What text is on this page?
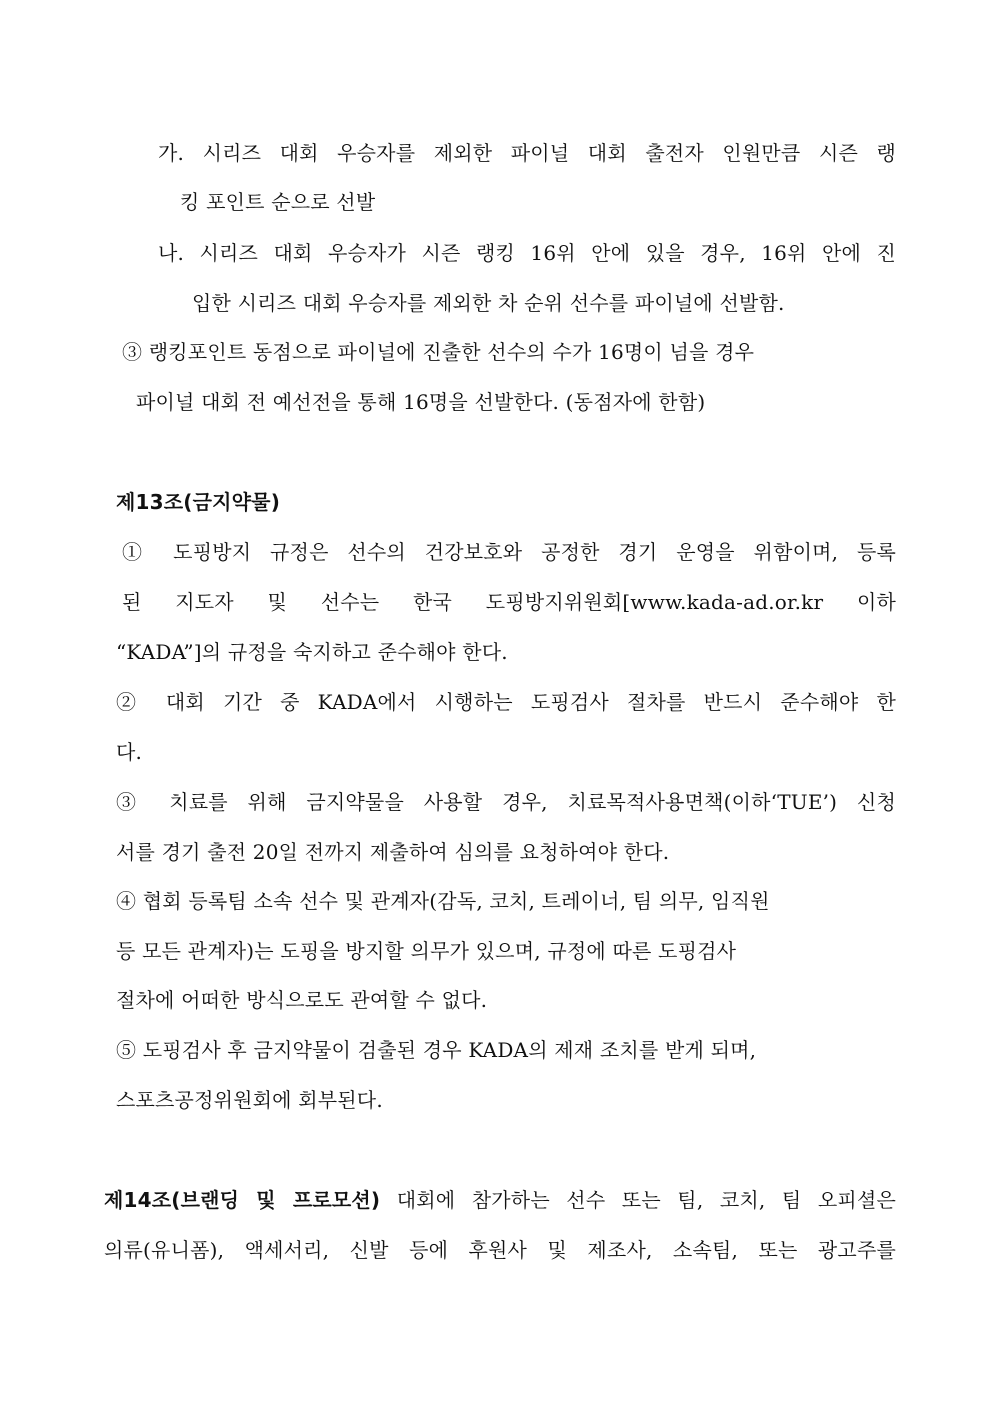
가. 시리즈 대회 우승자를 제외한 파이널 대회 출전자 인원만큼 시즌 랭
킹 포인트 순으로 선발
나. 시리즈 대회 우승자가 시즌 랭킹 16위 안에 있을 경우, 16위 안에 진
입한 시리즈 대회 우승자를 제외한 차 순위 선수를 파이널에 선발함.
③ 랭킹포인트 동점으로 파이널에 진출한 선수의 수가 16명이 넘을 경우
파이널 대회 전 예선전을 통해 16명을 선발한다. (동점자에 한함)
제13조(금지약물)
① 도핑방지 규정은 선수의 건강보호와 공정한 경기 운영을 위함이며, 등록
된 지도자 및 선수는 한국 도핑방지위원회[www.kada-ad.or.kr 이하
“KADA”]의 규정을 숙지하고 준수해야 한다.
② 대회 기간 중 KADA에서 시행하는 도핑검사 절차를 반드시 준수해야 한
다.
③ 치료를 위해 금지약물을 사용할 경우, 치료목적사용면책(이하‘TUE’) 신청
서를 경기 출전 20일 전까지 제출하여 심의를 요청하여야 한다.
④ 협회 등록팀 소속 선수 및 관계자(감독, 코치, 트레이너, 팀 의무, 임직원
등 모든 관계자)는 도핑을 방지할 의무가 있으며, 규정에 따른 도핑검사
절차에 어떠한 방식으로도 관여할 수 없다.
⑤ 도핑검사 후 금지약물이 검출된 경우 KADA의 제재 조치를 받게 되며,
스포츠공정위원회에 회부된다.
제14조(브랜딩 및 프로모션) 대회에 참가하는 선수 또는 팀, 코치, 팀 오피셜은
의류(유니폼), 액세서리, 신발 등에 후원사 및 제조사, 소속팀, 또는 광고주를
